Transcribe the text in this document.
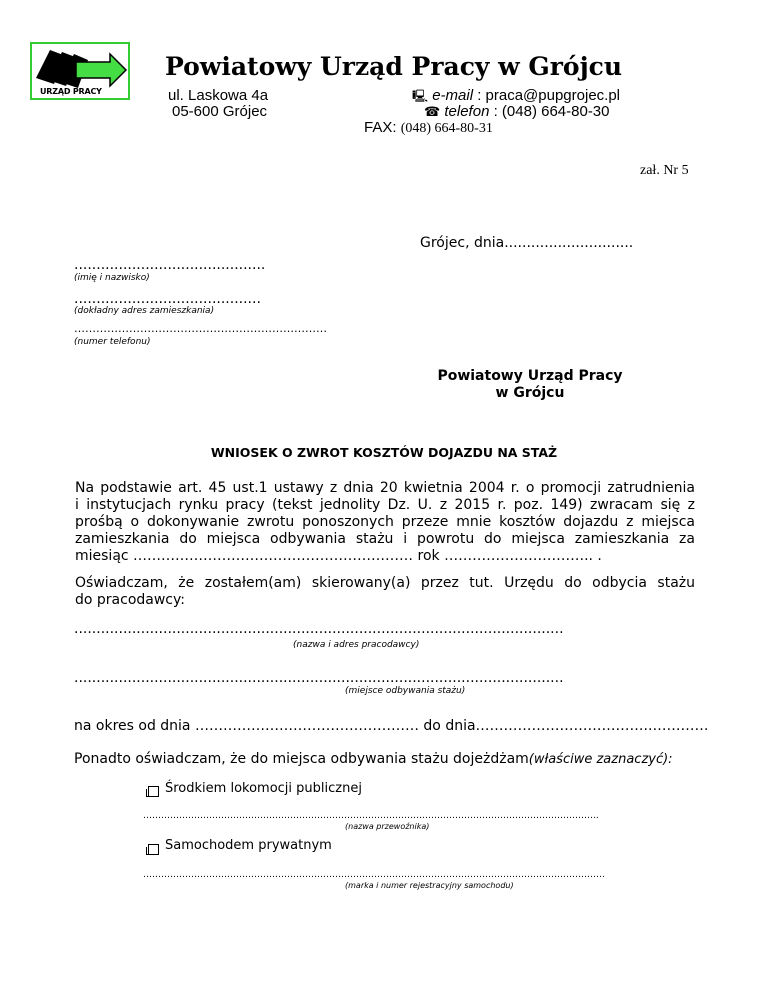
URZĄD PRACY
Powiatowy Urząd Pracy w Grójcu
ul. Laskowa 4a
05-600 Grójec
🖳 e-mail : praca@pupgrojec.pl
☎ telefon : (048) 664-80-30
FAX: (048) 664-80-31
zał. Nr 5
Grójec, dnia.............................
...........................................
(imię i nazwisko)
..........................................
(dokładny adres zamieszkania)
……………………………………………………………
(numer telefonu)
Powiatowy Urząd Pracy
w Grójcu
WNIOSEK O ZWROT KOSZTÓW DOJAZDU NA STAŻ
Na podstawie art. 45 ust.1 ustawy z dnia 20 kwietnia 2004 r. o promocji zatrudnienia
i instytucjach rynku pracy (tekst jednolity Dz. U. z 2015 r. poz. 149) zwracam się z
prośbą o dokonywanie zwrotu ponoszonych przeze mnie kosztów dojazdu z miejsca
zamieszkania do miejsca odbywania stażu i powrotu do miejsca zamieszkania za
miesiąc …………………………………………………… rok ………………………….. .
Oświadczam, że zostałem(am) skierowany(a) przez tut. Urzędu do odbycia stażu
do pracodawcy:
..............................................................................................................
(nazwa i adres pracodawcy)
..............................................................................................................
(miejsce odbywania stażu)
na okres od dnia ………………………………………… do dnia………………………………..…………
Ponadto oświadczam, że do miejsca odbywania stażu dojeżdżam(właściwe zaznaczyć):
Środkiem lokomocji publicznej
……………………………………………………………………………………………………………………………………..
(nazwa przewoźnika)
Samochodem prywatnym
……………………………………………………………………………………………………………………………………….
(marka i numer rejestracyjny samochodu)
